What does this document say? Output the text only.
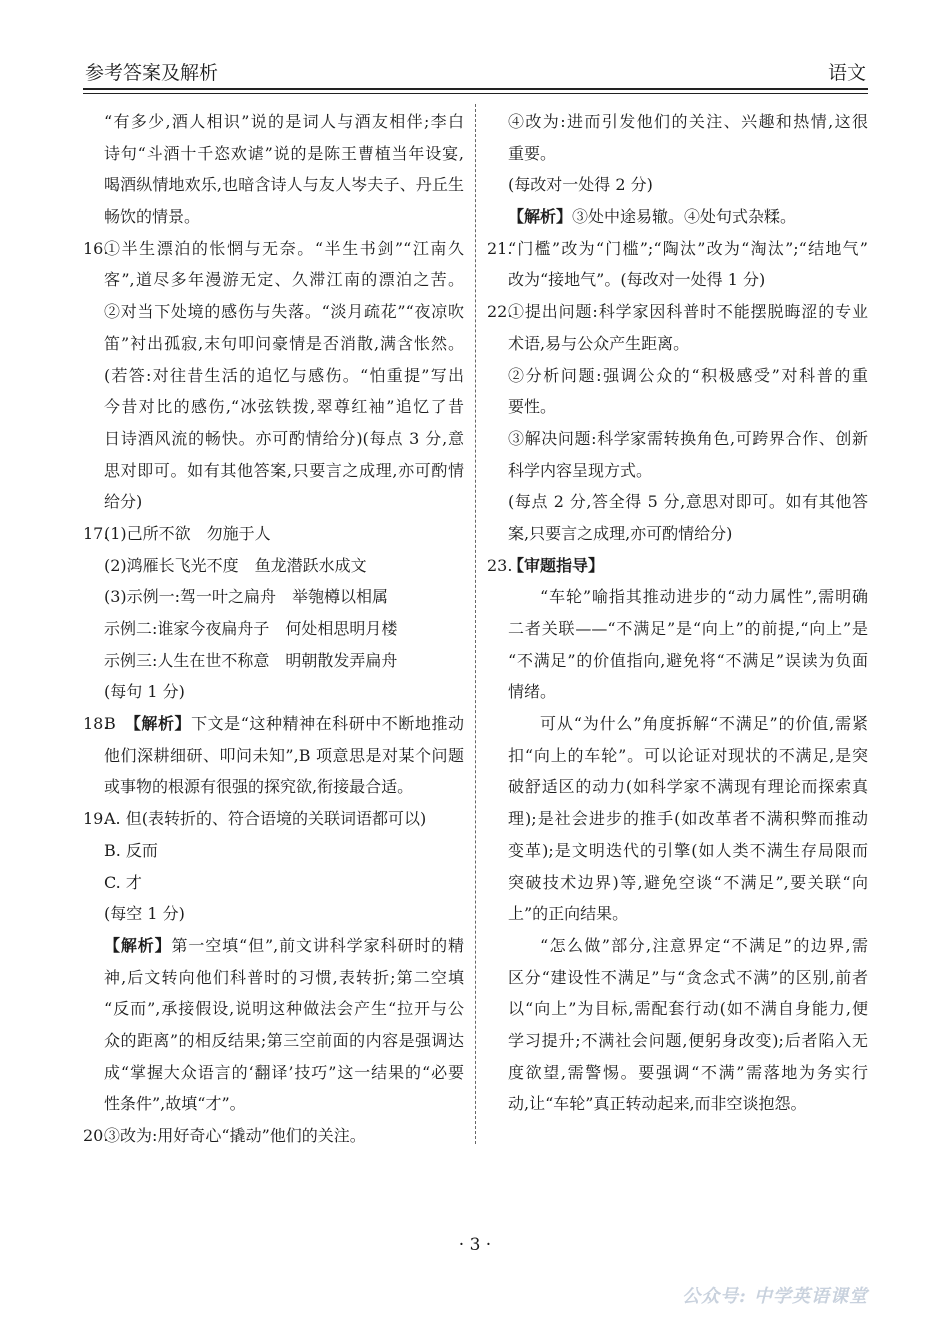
参考答案及解析	语文
“有多少,酒人相识”说的是词人与酒友相伴;李白
诗句“斗酒十千恣欢谑”说的是陈王曹植当年设宴,
喝酒纵情地欢乐,也暗含诗人与友人岑夫子、丹丘生
畅饮的情景。
16.
①半生漂泊的怅惘与无奈。“半生书剑”“江南久
客”,道尽多年漫游无定、久滞江南的漂泊之苦。
②对当下处境的感伤与失落。“淡月疏花”“夜凉吹
笛”衬出孤寂,末句叩问豪情是否消散,满含怅然。
(若答:对往昔生活的追忆与感伤。“怕重提”写出
今昔对比的感伤,“冰弦铁拨,翠尊红袖”追忆了昔
日诗酒风流的畅快。亦可酌情给分)(每点 3 分,意
思对即可。如有其他答案,只要言之成理,亦可酌情
给分)
17.
(1)己所不欲　勿施于人
(2)鸿雁长飞光不度　鱼龙潜跃水成文
(3)示例一:驾一叶之扁舟　举匏樽以相属
示例二:谁家今夜扁舟子　何处相思明月楼
示例三:人生在世不称意　明朝散发弄扁舟
(每句 1 分)
18.
B　【解析】下文是“这种精神在科研中不断地推动
他们深耕细研、叩问未知”,B 项意思是对某个问题
或事物的根源有很强的探究欲,衔接最合适。
19.
A. 但(表转折的、符合语境的关联词语都可以)
B. 反而
C. 才
(每空 1 分)
【解析】第一空填“但”,前文讲科学家科研时的精
神,后文转向他们科普时的习惯,表转折;第二空填
“反而”,承接假设,说明这种做法会产生“拉开与公
众的距离”的相反结果;第三空前面的内容是强调达
成“掌握大众语言的‘翻译’技巧”这一结果的“必要
性条件”,故填“才”。
20.
③改为:用好奇心“撬动”他们的关注。
④改为:进而引发他们的关注、兴趣和热情,这很
重要。
(每改对一处得 2 分)
【解析】③处中途易辙。④处句式杂糅。
21.
“门檻”改为“门槛”;“陶汰”改为“淘汰”;“结地气”
改为“接地气”。(每改对一处得 1 分)
22.
①提出问题:科学家因科普时不能摆脱晦涩的专业
术语,易与公众产生距离。
②分析问题:强调公众的“积极感受”对科普的重
要性。
③解决问题:科学家需转换角色,可跨界合作、创新
科学内容呈现方式。
(每点 2 分,答全得 5 分,意思对即可。如有其他答
案,只要言之成理,亦可酌情给分)
23.
【审题指导】
“车轮”喻指其推动进步的“动力属性”,需明确
二者关联——“不满足”是“向上”的前提,“向上”是
“不满足”的价值指向,避免将“不满足”误读为负面
情绪。
可从“为什么”角度拆解“不满足”的价值,需紧
扣“向上的车轮”。可以论证对现状的不满足,是突
破舒适区的动力(如科学家不满现有理论而探索真
理);是社会进步的推手(如改革者不满积弊而推动
变革);是文明迭代的引擎(如人类不满生存局限而
突破技术边界)等,避免空谈“不满足”,要关联“向
上”的正向结果。
“怎么做”部分,注意界定“不满足”的边界,需
区分“建设性不满足”与“贪念式不满”的区别,前者
以“向上”为目标,需配套行动(如不满自身能力,便
学习提升;不满社会问题,便躬身改变);后者陷入无
度欲望,需警惕。要强调“不满”需落地为务实行
动,让“车轮”真正转动起来,而非空谈抱怨。
· 3 ·
公众号: 中学英语课堂
